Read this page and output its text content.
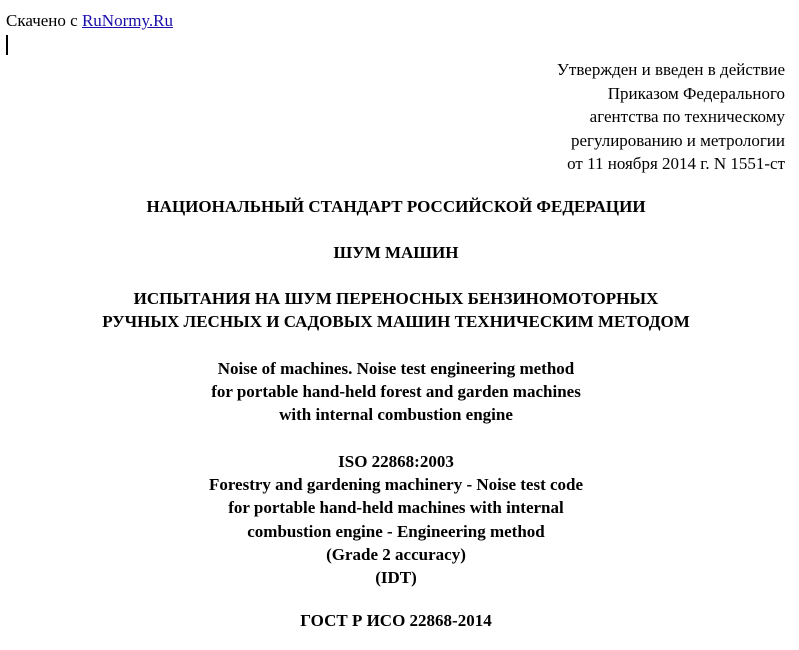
Скачено с RuNormy.Ru
Утвержден и введен в действие
Приказом Федерального
агентства по техническому
регулированию и метрологии
от 11 ноября 2014 г. N 1551-ст
НАЦИОНАЛЬНЫЙ СТАНДАРТ РОССИЙСКОЙ ФЕДЕРАЦИИ
ШУМ МАШИН
ИСПЫТАНИЯ НА ШУМ ПЕРЕНОСНЫХ БЕНЗИНОМОТОРНЫХ
РУЧНЫХ ЛЕСНЫХ И САДОВЫХ МАШИН ТЕХНИЧЕСКИМ МЕТОДОМ
Noise of machines. Noise test engineering method
for portable hand-held forest and garden machines
with internal combustion engine
ISO 22868:2003
Forestry and gardening machinery - Noise test code
for portable hand-held machines with internal
combustion engine - Engineering method
(Grade 2 accuracy)
(IDT)
ГОСТ Р ИСО 22868-2014
